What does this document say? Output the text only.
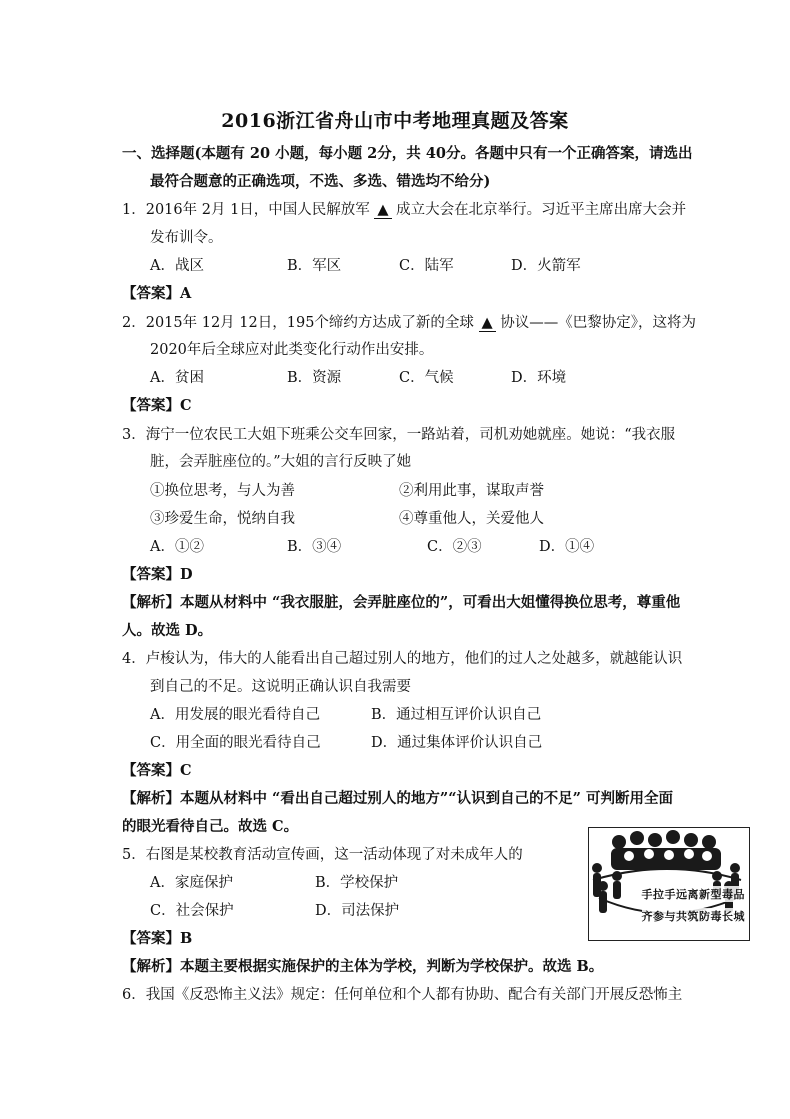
2016浙江省舟山市中考地理真题及答案
一、选择题(本题有 20 小题，每小题 2分，共 40分。各题中只有一个正确答案，请选出
最符合题意的正确选项，不选、多选、错选均不给分)
1．2016年 2月 1日，中国人民解放军 ▲ 成立大会在北京举行。习近平主席出席大会并
发布训令。
A．战区	B．军区	C．陆军	D．火箭军
【答案】A
2．2015年 12月 12日，195个缔约方达成了新的全球 ▲ 协议——《巴黎协定》，这将为
2020年后全球应对此类变化行动作出安排。
A．贫困	B．资源	C．气候	D．环境
【答案】C
3．海宁一位农民工大姐下班乘公交车回家，一路站着，司机劝她就座。她说：“我衣服
脏，会弄脏座位的。”大姐的言行反映了她
①换位思考，与人为善	②利用此事，谋取声誉
③珍爱生命，悦纳自我	④尊重他人，关爱他人
A．①②	B．③④	C．②③	D．①④
【答案】D
【解析】本题从材料中 “我衣服脏，会弄脏座位的”，可看出大姐懂得换位思考，尊重他
人。故选 D。
4．卢梭认为，伟大的人能看出自己超过别人的地方，他们的过人之处越多，就越能认识
到自己的不足。这说明正确认识自我需要
A．用发展的眼光看待自己	B．通过相互评价认识自己
C．用全面的眼光看待自己	D．通过集体评价认识自己
【答案】C
【解析】本题从材料中 “看出自己超过别人的地方”“认识到自己的不足” 可判断用全面
的眼光看待自己。故选 C。
5．右图是某校教育活动宣传画，这一活动体现了对未成年人的
A．家庭保护	B．学校保护
C．社会保护	D．司法保护
【答案】B
【解析】本题主要根据实施保护的主体为学校，判断为学校保护。故选 B。
手拉手远离新型毒品
齐参与共筑防毒长城
6．我国《反恐怖主义法》规定：任何单位和个人都有协助、配合有关部门开展反恐怖主
